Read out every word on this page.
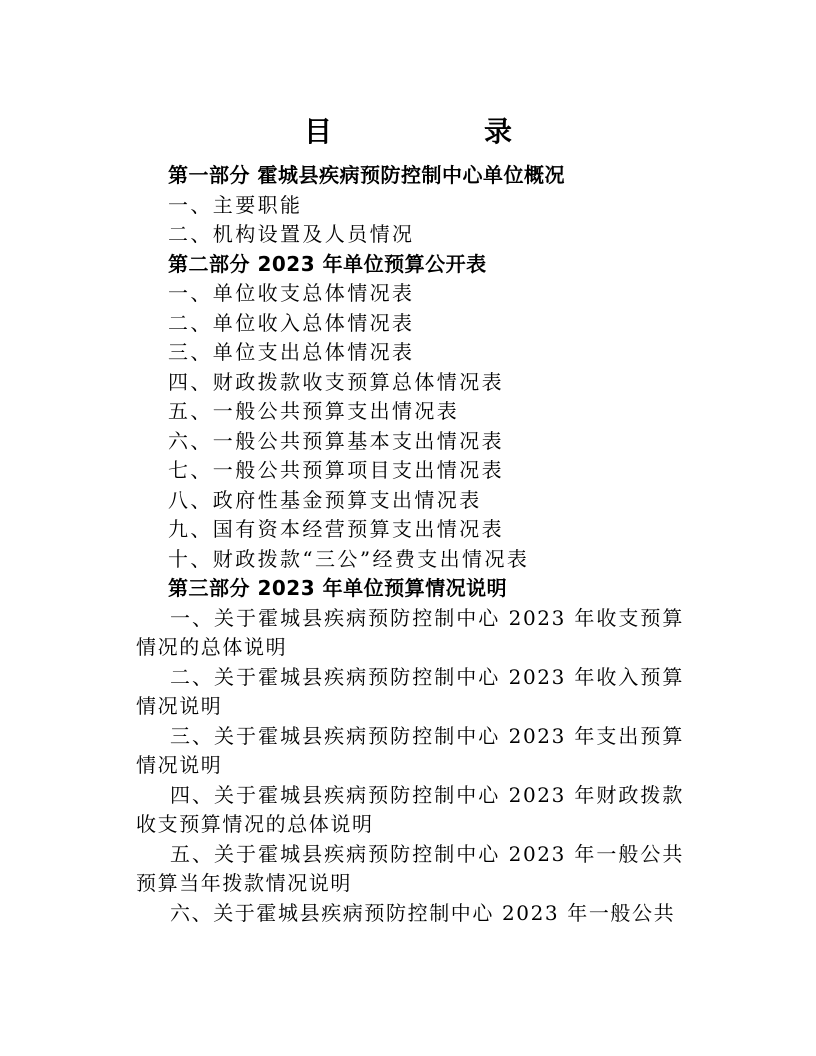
目　录
第一部分 霍城县疾病预防控制中心单位概况
一、主要职能
二、机构设置及人员情况
第二部分 2023 年单位预算公开表
一、单位收支总体情况表
二、单位收入总体情况表
三、单位支出总体情况表
四、财政拨款收支预算总体情况表
五、一般公共预算支出情况表
六、一般公共预算基本支出情况表
七、一般公共预算项目支出情况表
八、政府性基金预算支出情况表
九、国有资本经营预算支出情况表
十、财政拨款“三公”经费支出情况表
第三部分 2023 年单位预算情况说明
一、关于霍城县疾病预防控制中心 2023 年收支预算情况的总体说明
二、关于霍城县疾病预防控制中心 2023 年收入预算情况说明
三、关于霍城县疾病预防控制中心 2023 年支出预算情况说明
四、关于霍城县疾病预防控制中心 2023 年财政拨款收支预算情况的总体说明
五、关于霍城县疾病预防控制中心 2023 年一般公共预算当年拨款情况说明
六、关于霍城县疾病预防控制中心 2023 年一般公共
